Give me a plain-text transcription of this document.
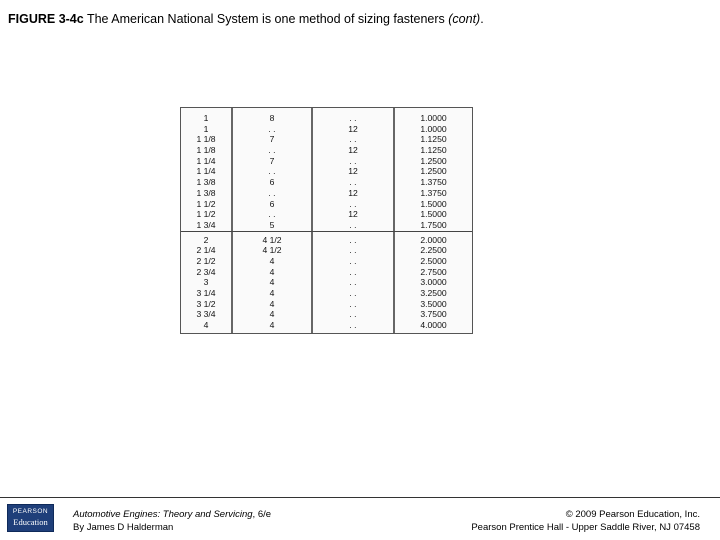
FIGURE 3-4c The American National System is one method of sizing fasteners (cont).
1
1
1 1/8
1 1/8
1 1/4
1 1/4
1 3/8
1 3/8
1 1/2
1 1/2
1 3/4
2
2 1/4
2 1/2
2 3/4
3
3 1/4
3 1/2
3 3/4
4
8
. .
7
. .
7
. .
6
. .
6
. .
5
4 1/2
4 1/2
4
4
4
4
4
4
4
. .
12
. .
12
. .
12
. .
12
. .
12
. .
. .
. .
. .
. .
. .
. .
. .
. .
. .
1.0000
1.0000
1.1250
1.1250
1.2500
1.2500
1.3750
1.3750
1.5000
1.5000
1.7500
2.0000
2.2500
2.5000
2.7500
3.0000
3.2500
3.5000
3.7500
4.0000
PEARSON
Education
Automotive Engines: Theory and Servicing, 6/e
By James D Halderman
© 2009 Pearson Education, Inc.
Pearson Prentice Hall - Upper Saddle River, NJ 07458
